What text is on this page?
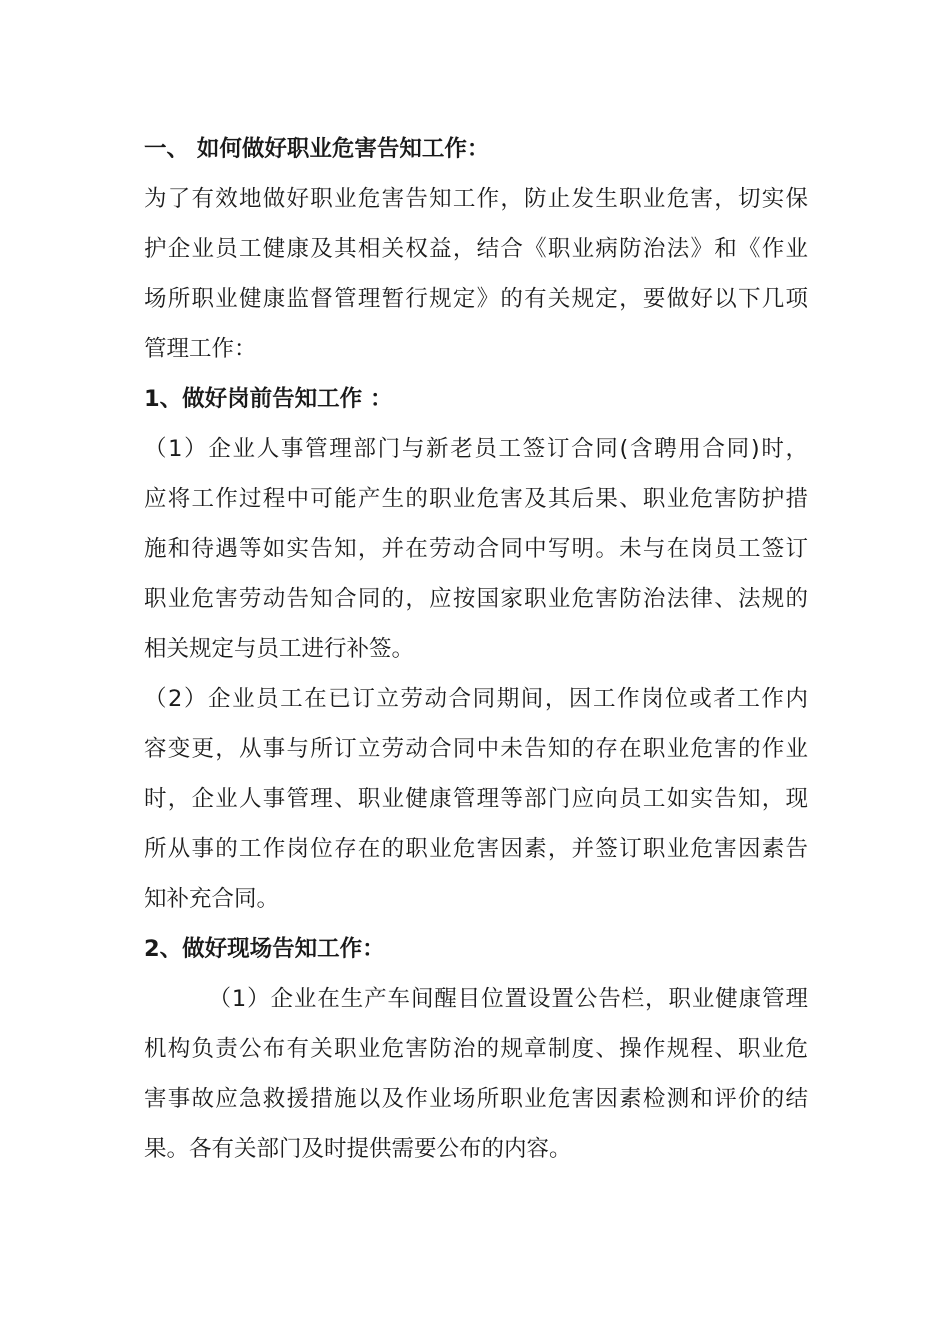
一、 如何做好职业危害告知工作：
为了有效地做好职业危害告知工作，防止发生职业危害，切实保
护企业员工健康及其相关权益，结合《职业病防治法》和《作业
场所职业健康监督管理暂行规定》的有关规定，要做好以下几项
管理工作：
1、做好岗前告知工作 ：
（1）企业人事管理部门与新老员工签订合同(含聘用合同)时，
应将工作过程中可能产生的职业危害及其后果、职业危害防护措
施和待遇等如实告知，并在劳动合同中写明。未与在岗员工签订
职业危害劳动告知合同的，应按国家职业危害防治法律、法规的
相关规定与员工进行补签。
（2）企业员工在已订立劳动合同期间，因工作岗位或者工作内
容变更，从事与所订立劳动合同中未告知的存在职业危害的作业
时，企业人事管理、职业健康管理等部门应向员工如实告知，现
所从事的工作岗位存在的职业危害因素，并签订职业危害因素告
知补充合同。
2、做好现场告知工作：
（1）企业在生产车间醒目位置设置公告栏，职业健康管理
机构负责公布有关职业危害防治的规章制度、操作规程、职业危
害事故应急救援措施以及作业场所职业危害因素检测和评价的结
果。各有关部门及时提供需要公布的内容。
